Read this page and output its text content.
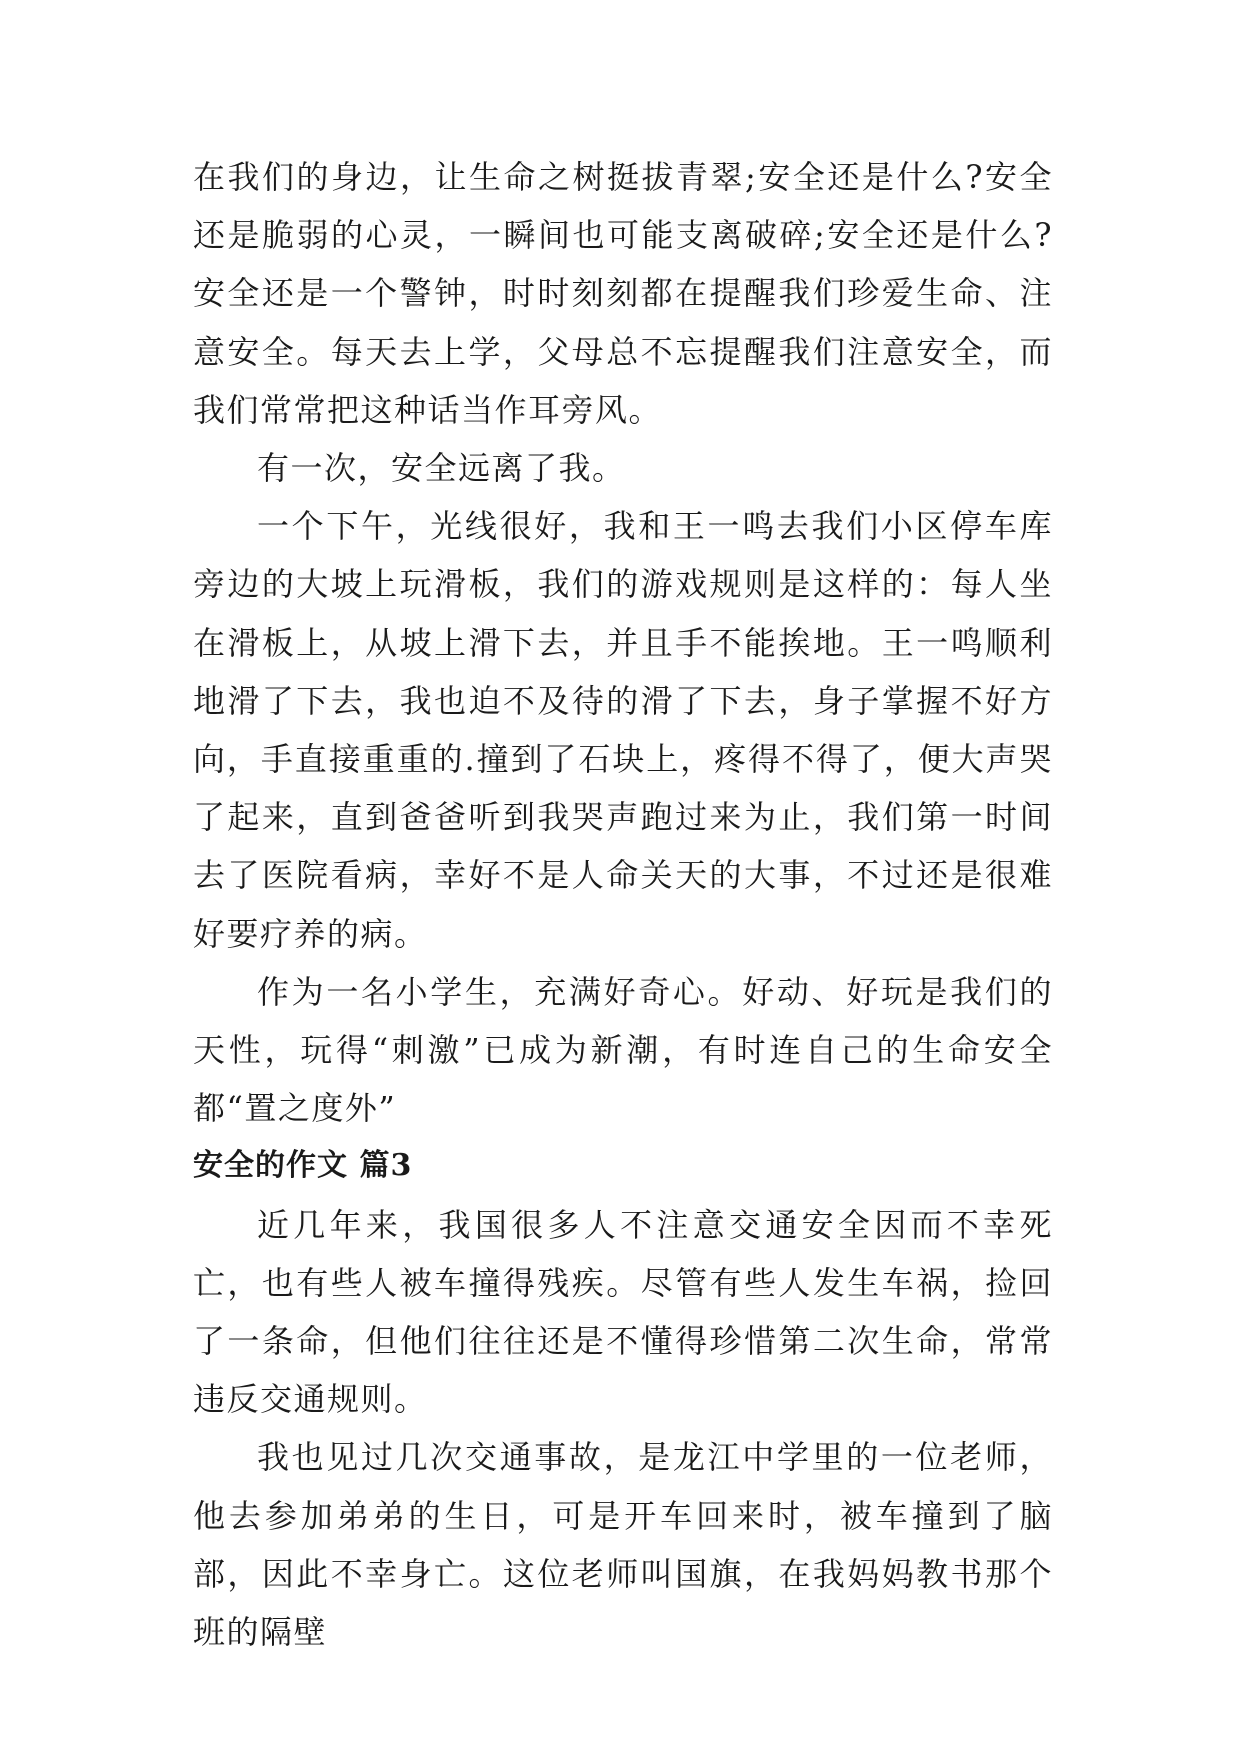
在我们的身边，让生命之树挺拔青翠;安全还是什么?安全还是脆弱的心灵，一瞬间也可能支离破碎;安全还是什么?安全还是一个警钟，时时刻刻都在提醒我们珍爱生命、注意安全。每天去上学，父母总不忘提醒我们注意安全，而我们常常把这种话当作耳旁风。

有一次，安全远离了我。

一个下午，光线很好，我和王一鸣去我们小区停车库旁边的大坡上玩滑板，我们的游戏规则是这样的：每人坐在滑板上，从坡上滑下去，并且手不能挨地。王一鸣顺利地滑了下去，我也迫不及待的滑了下去，身子掌握不好方向，手直接重重的.撞到了石块上，疼得不得了，便大声哭了起来，直到爸爸听到我哭声跑过来为止，我们第一时间去了医院看病，幸好不是人命关天的大事，不过还是很难好要疗养的病。

作为一名小学生，充满好奇心。好动、好玩是我们的天性，玩得“刺激”已成为新潮，有时连自己的生命安全都“置之度外”

安全的作文 篇3

近几年来，我国很多人不注意交通安全因而不幸死亡，也有些人被车撞得残疾。尽管有些人发生车祸，捡回了一条命，但他们往往还是不懂得珍惜第二次生命，常常违反交通规则。

我也见过几次交通事故，是龙江中学里的一位老师，他去参加弟弟的生日，可是开车回来时，被车撞到了脑部，因此不幸身亡。这位老师叫国旗，在我妈妈教书那个班的隔壁
